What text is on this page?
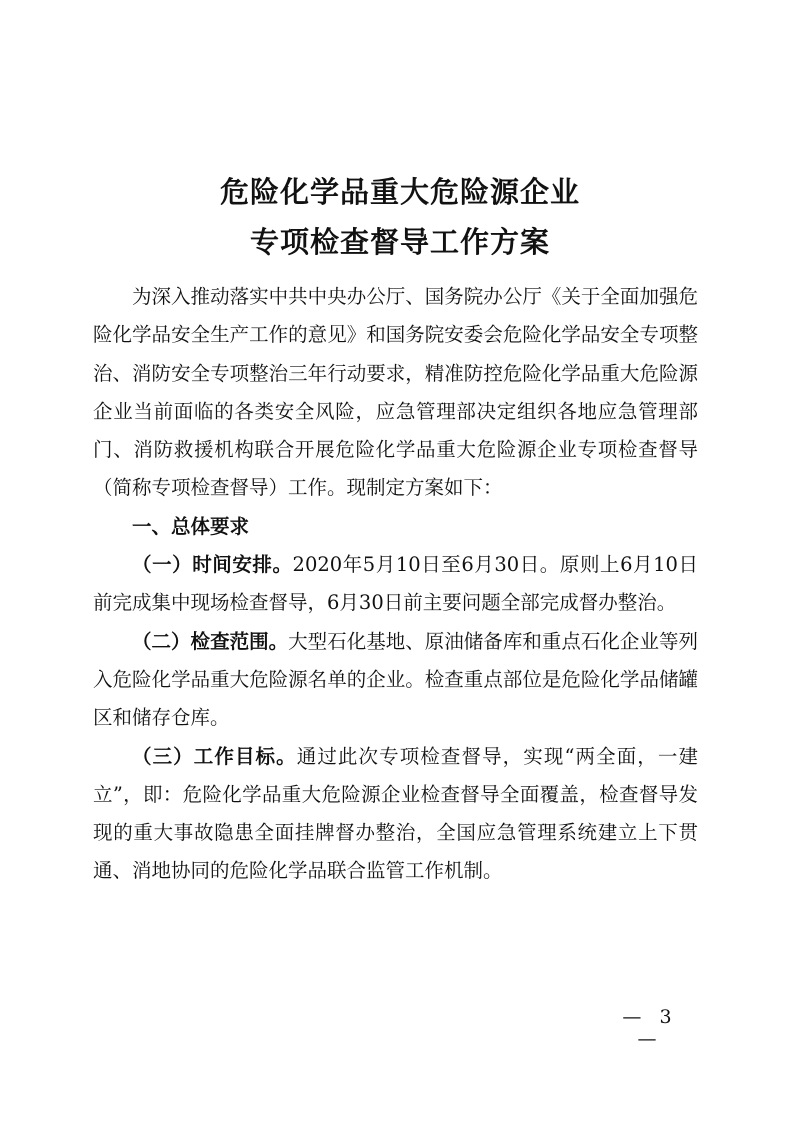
危险化学品重大危险源企业
专项检查督导工作方案

为深入推动落实中共中央办公厅、国务院办公厅《关于全面加强危险化学品安全生产工作的意见》和国务院安委会危险化学品安全专项整治、消防安全专项整治三年行动要求，精准防控危险化学品重大危险源企业当前面临的各类安全风险，应急管理部决定组织各地应急管理部门、消防救援机构联合开展危险化学品重大危险源企业专项检查督导（简称专项检查督导）工作。现制定方案如下：

一、总体要求

（一）时间安排。2020年5月10日至6月30日。原则上6月10日前完成集中现场检查督导，6月30日前主要问题全部完成督办整治。

（二）检查范围。大型石化基地、原油储备库和重点石化企业等列入危险化学品重大危险源名单的企业。检查重点部位是危险化学品储罐区和储存仓库。

（三）工作目标。通过此次专项检查督导，实现“两全面，一建立”，即：危险化学品重大危险源企业检查督导全面覆盖，检查督导发现的重大事故隐患全面挂牌督办整治，全国应急管理系统建立上下贯通、消地协同的危险化学品联合监管工作机制。

— 3 —
